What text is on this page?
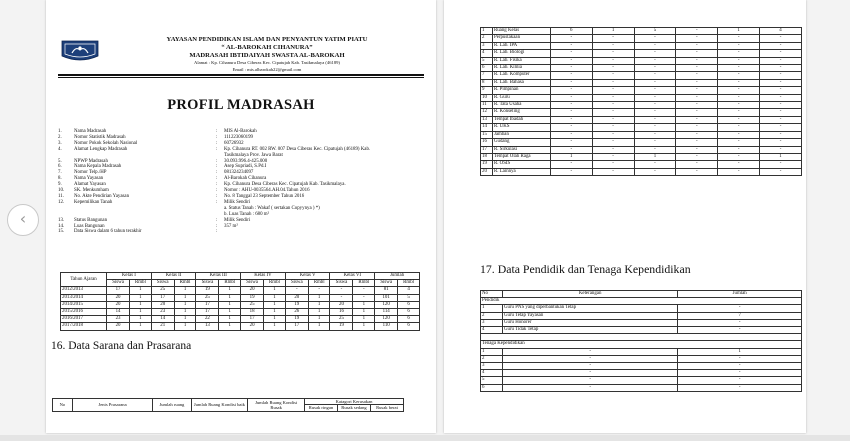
‹
YAYASAN PENDIDIKAN ISLAM DAN PENYANTUN YATIM PIATU
“ AL-BAROKAH CIHANURA”
MADRASAH IBTIDAIYAH SWASTA AL-BAROKAH
Alamat : Kp. Cihanura Desa Ciberas Kec. Cipatujah Kab. Tasikmalaya (46189)
Email : mis.albarokah22@gmail.com
PROFIL MADRASAH
1.	Nama Madrasah	:	MIS Al-Barokah
2.	Nomor Statistik Madrasah	:	111223060199
3.	Nomor Pokok Sekolah Nasional	:	60726932
4.	Alamat Lengkap Madrasah	:	Kp. Cihanura RT. 002 RW. 007 Desa Ciberas Kec. Cipatujah (46189) Kab.
Tasikmalaya Prov. Jawa Barat
5.	NPWP Madrasah	:	30.093.996.4-425.000
6.	Nama Kepala Madrasah	:	Asep Supriadi, S.Pd.I
7.	Nomor Telp./HP	:	081324234097
8.	Nama Yayasan	:	Al-Barokah Cihanura
9.	Alamat Yayasan	:	Kp. Cihanura Desa Ciberas Kec. Cipatujah Kab. Tasikmalaya.
10.	SK. Menkumham	:	Nomor : AHU-0035564.AH.04.Tahun 2016
11.	No. Akte Pendirian Yayasan	:	No. 8 Tanggal 23 September Tahun 2016
12.	Kepemilikan Tanah	:	Milik Sendiri
a. Status Tanah : Wakaf ( sertakan Copyynya ) *)
b. Luas Tanah : 680 m²
13.	Status Bangunan	:	Milik Sendiri
14.	Luas Bangunan	:	357 m²
15.	Data Siswa dalam 6 tahun terakhir	:
Tahun Ajaran	Kelas I		Kelas II		Kelas III		Kelas IV		Kelas V		Kelas VI		Jumlah	
	Siswa	Rmbl	Siswa	Rmbl	Siswa	Rmbl	Siswa	Rmbl	Siswa	Rmbl	Siswa	Rmbl	Siswa	Rmbl
2012/2013	17	1	25	1	19	1	20	1	-	-	-	-	81	4
2013/2014	20	1	17	1	25	1	19	1	20	1	-	-	101	5
2014/2015	20	1	20	1	17	1	25	1	19	1	20	1	120	6
2015/2016	14	1	23	1	17	1	18	1	26	1	16	1	114	6
2016/2017	23	1	14	1	22	1	17	1	19	1	25	1	120	6
2017/2018	20	1	21	1	13	1	20	1	17	1	19	1	110	6
16. Data Sarana dan Prasarana
No	Jenis Prasarana	Jumlah ruang	Jumlah Ruang Kondisi baik	Jumlah Ruang Kondisi Rusak	Katagori Kerusakan		
					Rusak ringan	Rusak sedang	Rusak berat
1	Ruang Kelas	6	1	5	-	1	4
2	Perpustakaan	-	-	-	-	-	-
3	R. Lab. IPA	-	-	-	-	-	-
4	R. Lab. Biologi	-	-	-	-	-	-
5	R. Lab. Fisika	-	-	-	-	-	-
6	R. Lab. Kimia	-	-	-	-	-	-
7	R. Lab. Komputer	-	-	-	-	-	-
8	R. Lab. Bahasa	-	-	-	-	-	-
9	R. Pimpinan	-	-	-	-	-	-
10	R. Guru	-	-	-	-	-	-
11	R. Tata Usaha	-	-	-	-	-	-
12	R. Konseling	-	-	-	-	-	-
13	Tempat Ibadah	-	-	-	-	-	-
14	R. UKS	-	-	-	-	-	-
15	Jamban	-	-	-	-	-	-
16	Gudang	-	-	-	-	-	-
17	R. Sirkulasi	-	-	-	-	-	-
18	Tempat Olah Raga	1	-	1	-	-	1
19	R. OSIS	-	-	-	-	-	-
20	R. Lainnya	-	-	-	-	-	-
17. Data Pendidik dan Tenaga Kependidikan
No	Keterangan	Jumlah
Pendidik		
1	Guru PNS yang diperbantukan Tetap	-
2	Guru Tetap Yayasan	7
3	Guru Honorer	-
4	Guru Tidak Tetap	-

Tenaga Kependidikan		
1	-	1
2	-	-
3	-	-
4	-	-
5	-	-
6	-	-
